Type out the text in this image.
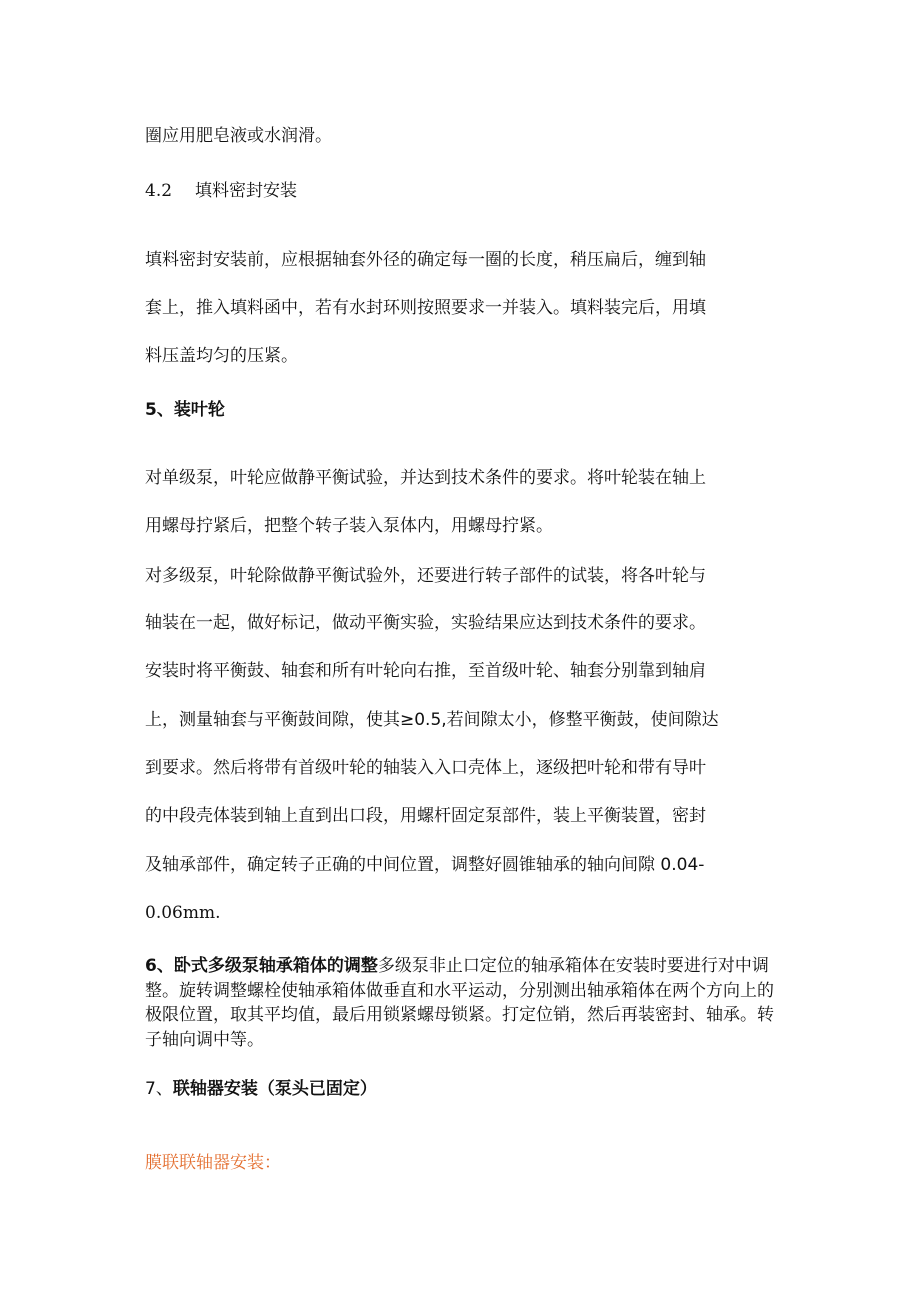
圈应用肥皂液或水润滑。
4.2 填料密封安装
填料密封安装前，应根据轴套外径的确定每一圈的长度，稍压扁后，缠到轴
套上，推入填料函中，若有水封环则按照要求一并装入。填料装完后，用填
料压盖均匀的压紧。
5、装叶轮
对单级泵，叶轮应做静平衡试验，并达到技术条件的要求。将叶轮装在轴上
用螺母拧紧后，把整个转子装入泵体内，用螺母拧紧。
对多级泵，叶轮除做静平衡试验外，还要进行转子部件的试装，将各叶轮与
轴装在一起，做好标记，做动平衡实验，实验结果应达到技术条件的要求。
安装时将平衡鼓、轴套和所有叶轮向右推，至首级叶轮、轴套分别靠到轴肩
上，测量轴套与平衡鼓间隙，使其≥0.5,若间隙太小，修整平衡鼓，使间隙达
到要求。然后将带有首级叶轮的轴装入入口壳体上，逐级把叶轮和带有导叶
的中段壳体装到轴上直到出口段，用螺杆固定泵部件，装上平衡装置，密封
及轴承部件，确定转子正确的中间位置，调整好圆锥轴承的轴向间隙 0.04-
0.06mm.
6、卧式多级泵轴承箱体的调整多级泵非止口定位的轴承箱体在安装时要进行对中调整。旋转调整螺栓使轴承箱体做垂直和水平运动，分别测出轴承箱体在两个方向上的极限位置，取其平均值，最后用锁紧螺母锁紧。打定位销，然后再装密封、轴承。转子轴向调中等。
7、联轴器安装（泵头已固定）
膜联联轴器安装：
